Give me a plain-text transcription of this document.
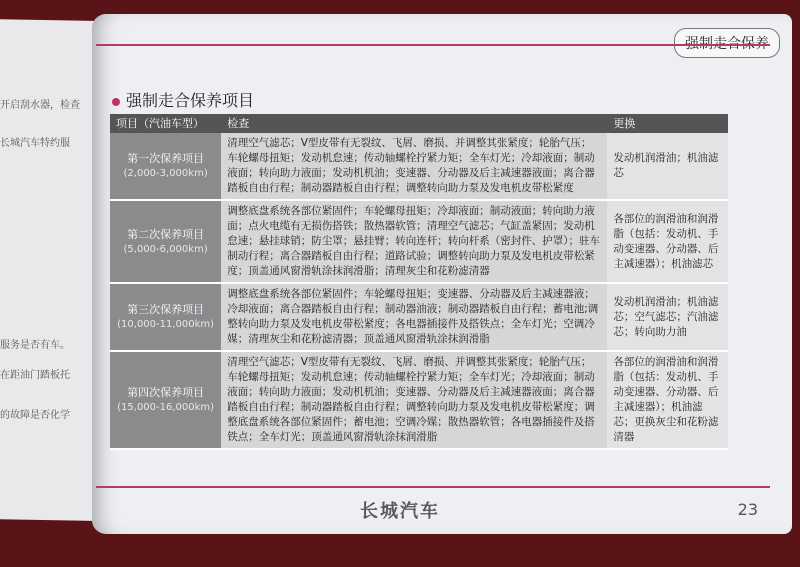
开启刮水器，检查
长城汽车特约服
服务是否有车。
在距油门踏板托
的故障是否化学
强制走合保养
强制走合保养项目
项目（汽油车型）	检查	更换

第一次保养项目
(2,000-3,000km)	清理空气滤芯；V型皮带有无裂纹、飞屑、磨损、并调整其张紧度；轮胎气压；车轮螺母扭矩；发动机怠速；传动轴螺栓拧紧力矩；全车灯光；冷却液面；制动液面；转向助力液面；发动机机油；变速器、分动器及后主减速器液面；离合器踏板自由行程；制动器踏板自由行程；调整转向助力泵及发电机皮带松紧度	发动机润滑油；机油滤芯

第二次保养项目
(5,000-6,000km)	调整底盘系统各部位紧固件；车轮螺母扭矩；冷却液面；制动液面；转向助力液面；点火电缆有无损伤搭铁；散热器软管；清理空气滤芯；气缸盖紧固；发动机怠速；悬挂球销；防尘罩；悬挂臂；转向连杆；转向杆系（密封件、护罩）；驻车制动行程；离合器踏板自由行程；道路试验；调整转向助力泵及发电机皮带松紧度；顶盖通风窗滑轨涂抹润滑脂；清理灰尘和花粉滤清器	各部位的润滑油和润滑脂（包括：发动机、手动变速器、分动器、后主减速器）；机油滤芯

第三次保养项目
(10,000-11,000km)	调整底盘系统各部位紧固件；车轮螺母扭矩；变速器、分动器及后主减速器液；冷却液面；离合器踏板自由行程；制动器油液；制动器踏板自由行程；蓄电池;调整转向助力泵及发电机皮带松紧度；各电器插接件及搭铁点；全车灯光；空调冷媒；清理灰尘和花粉滤清器；顶盖通风窗滑轨涂抹润滑脂	发动机润滑油；机油滤芯；空气滤芯；汽油滤芯；转向助力油

第四次保养项目
(15,000-16,000km)	清理空气滤芯；V型皮带有无裂纹、飞屑、磨损、并调整其张紧度；轮胎气压；车轮螺母扭矩；发动机怠速；传动轴螺栓拧紧力矩；全车灯光；冷却液面；制动液面；转向助力液面；发动机机油；变速器、分动器及后主减速器液面；离合器踏板自由行程；制动器踏板自由行程；调整转向助力泵及发电机皮带松紧度；调整底盘系统各部位紧固件；蓄电池；空调冷媒；散热器软管；各电器插接件及搭铁点；全车灯光；顶盖通风窗滑轨涂抹润滑脂	各部位的润滑油和润滑脂（包括：发动机、手动变速器、分动器、后主减速器）；机油滤芯；更换灰尘和花粉滤清器
长城汽车	23
